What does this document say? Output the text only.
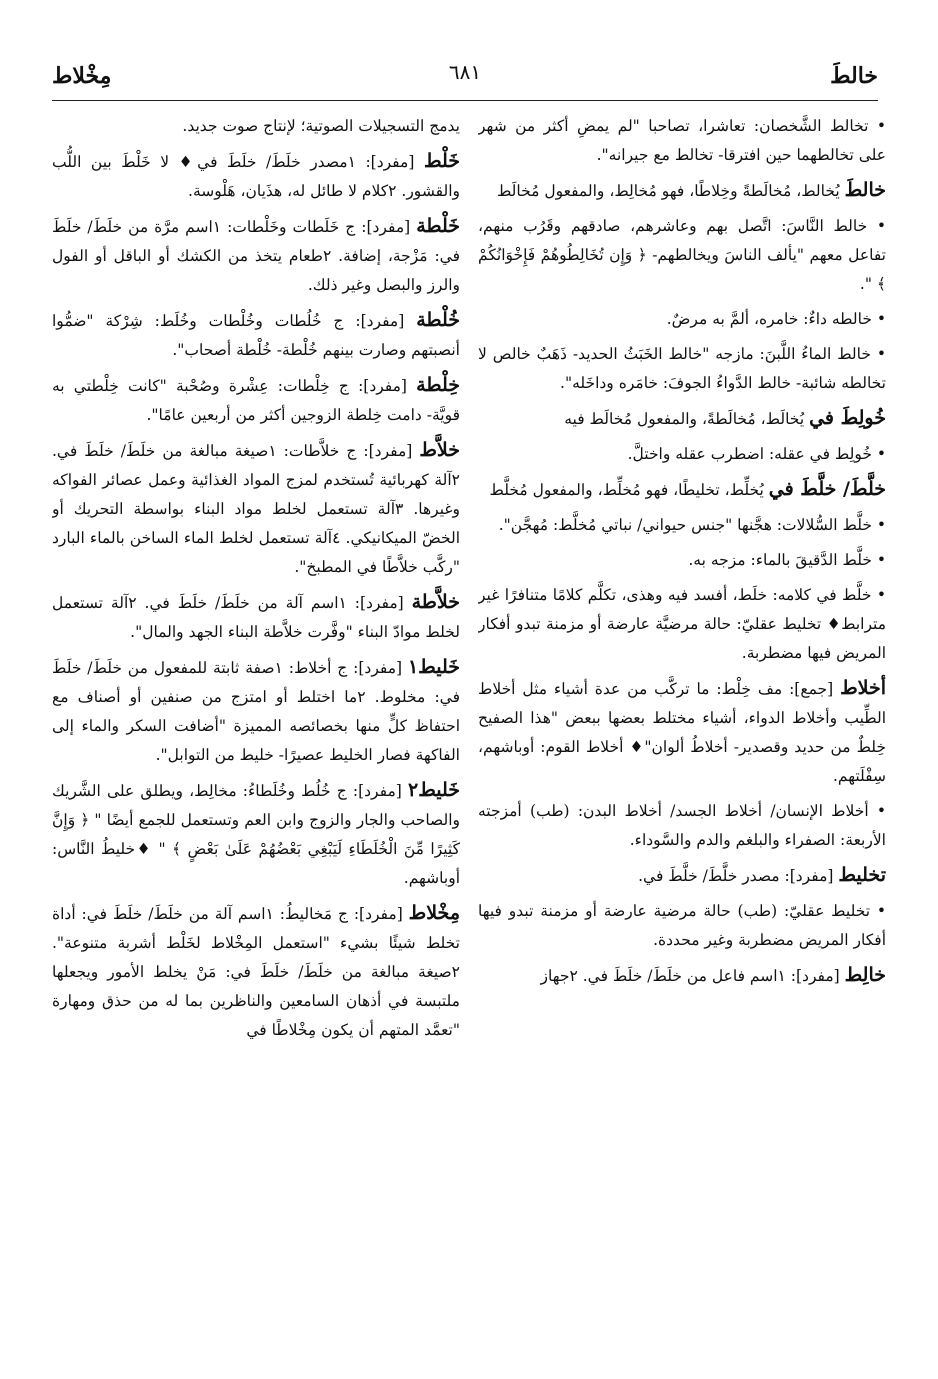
خالطَ
٦٨١
مِخْلاط

• تخالط الشَّخصان: تعاشرا، تصاحبا "لم يمضِ أكثر من شهر على تخالطهما حين افترقا- تخالط مع جيرانه".

خالطَ يُخالط، مُخالَطةً وخِلاطًا، فهو مُخالِط، والمفعول مُخالَط

• خالط النَّاسَ: اتَّصل بهم وعاشرهم، صادقهم وقَرُب منهم، تفاعل معهم "يألف الناسَ ويخالطهم- ﴿ وَإِن تُخَالِطُوهُمْ فَإِخْوَانُكُمْ ﴾ ".

• خالطه داءٌ: خامره، ألمَّ به مرضٌ.

• خالط الماءُ اللَّبنَ: مازجه "خالط الخَبَثُ الحديد- ذَهَبٌ خالص لا تخالطه شائبة- خالط الدَّواءُ الجوفَ: خامَره وداخَله".

خُولِطَ في يُخالَط، مُخالَطةً، والمفعول مُخالَط فيه

• خُولِط في عقله: اضطرب عقله واختلَّ.

خلَّطَ/ خلَّطَ في يُخلِّط، تخليطًا، فهو مُخلِّط، والمفعول مُخلَّط

• خلَّط السُّلالات: هجَّنها "جنس حيواني/ نباتي مُخلَّط: مُهجَّن".

• خلَّط الدَّقيقَ بالماء: مزجه به.

• خلَّط في كلامه: خلَط، أفسد فيه وهذى، تكلَّم كلامًا متنافرًا غير مترابط♦ تخليط عقليّ: حالة مرضيَّة عارضة أو مزمنة تبدو أفكار المريض فيها مضطربة.

أخلاط [جمع]: مف خِلْط: ما تركَّب من عدة أشياء مثل أخلاط الطِّيب وأخلاط الدواء، أشياء مختلط بعضها ببعض "هذا الصفيح خِلطٌ من حديد وقصدير- أخلاطُ ألوان"♦ أخلاط القوم: أوباشهم، سِفْلَتهم.

• أخلاط الإنسان/ أخلاط الجسد/ أخلاط البدن: (طب) أمزجته الأربعة: الصفراء والبلغم والدم والسَّوداء.

تخليط [مفرد]: مصدر خلَّطَ/ خلَّطَ في.

• تخليط عقليّ: (طب) حالة مرضية عارضة أو مزمنة تبدو فيها أفكار المريض مضطربة وغير محددة.

خالِط [مفرد]: ١اسم فاعل من خلَطَ/ خلَطَ في. ٢جهاز

يدمج التسجيلات الصوتية؛ لإنتاج صوت جديد.

خَلْط [مفرد]: ١مصدر خلَطَ/ خلَطَ في♦ لا خَلْطَ بين اللُّب والقشور. ٢كلام لا طائل له، هذَيان، هَلْوسة.

خَلْطة [مفرد]: ج خَلَطات وخَلْطات: ١اسم مرَّة من خلَطَ/ خلَطَ في: مَزْجة، إضافة. ٢طعام يتخذ من الكشك أو الباقل أو الفول والرز والبصل وغير ذلك.

خُلْطة [مفرد]: ج خُلُطات وخُلْطات وخُلَط: شِرْكة "ضمُّوا أنصبتهم وصارت بينهم خُلْطة- خُلْطة أصحاب".

خِلْطة [مفرد]: ج خِلْطات: عِشْرة وصُحْبة "كانت خِلْطتي به قويَّة- دامت خِلطة الزوجين أكثر من أربعين عامًا".

خلاَّط [مفرد]: ج خلاَّطات: ١صيغة مبالغة من خلَطَ/ خلَطَ في. ٢آلة كهربائية تُستخدم لمزج المواد الغذائية وعمل عصائر الفواكه وغيرها. ٣آلة تستعمل لخلط مواد البناء بواسطة التحريك أو الخضّ الميكانيكي. ٤آلة تستعمل لخلط الماء الساخن بالماء البارد "ركَّب خلاَّطًا في المطبخ".

خلاَّطة [مفرد]: ١اسم آلة من خلَطَ/ خلَطَ في. ٢آلة تستعمل لخلط موادّ البناء "وفَّرت خلاَّطة البناء الجهد والمال".

خَليط١ [مفرد]: ج أخلاط: ١صفة ثابتة للمفعول من خلَطَ/ خلَطَ في: مخلوط. ٢ما اختلط أو امتزج من صنفين أو أصناف مع احتفاظ كلٍّ منها بخصائصه المميزة "أضافت السكر والماء إلى الفاكهة فصار الخليط عصيرًا- خليط من التوابل".

خَليط٢ [مفرد]: ج خُلُط وخُلَطاءُ: مخالِط، ويطلق على الشَّريك والصاحب والجار والزوج وابن العم وتستعمل للجمع أيضًا " ﴿ وَإِنَّ كَثِيرًا مِّنَ الْخُلَطَاءِ لَيَبْغِي بَعْضُهُمْ عَلَىٰ بَعْضٍ ﴾ " ♦خليطُ النَّاس: أوباشهم.

مِخْلاط [مفرد]: ج مَخاليطُ: ١اسم آلة من خلَطَ/ خلَطَ في: أداة تخلط شيئًا بشيء "استعمل المِخْلاط لخَلْط أشربة متنوعة". ٢صيغة مبالغة من خلَطَ/ خلَطَ في: مَنْ يخلط الأمور ويجعلها ملتبسة في أذهان السامعين والناظرين بما له من حذق ومهارة "تعمَّد المتهم أن يكون مِخْلاطًا في
